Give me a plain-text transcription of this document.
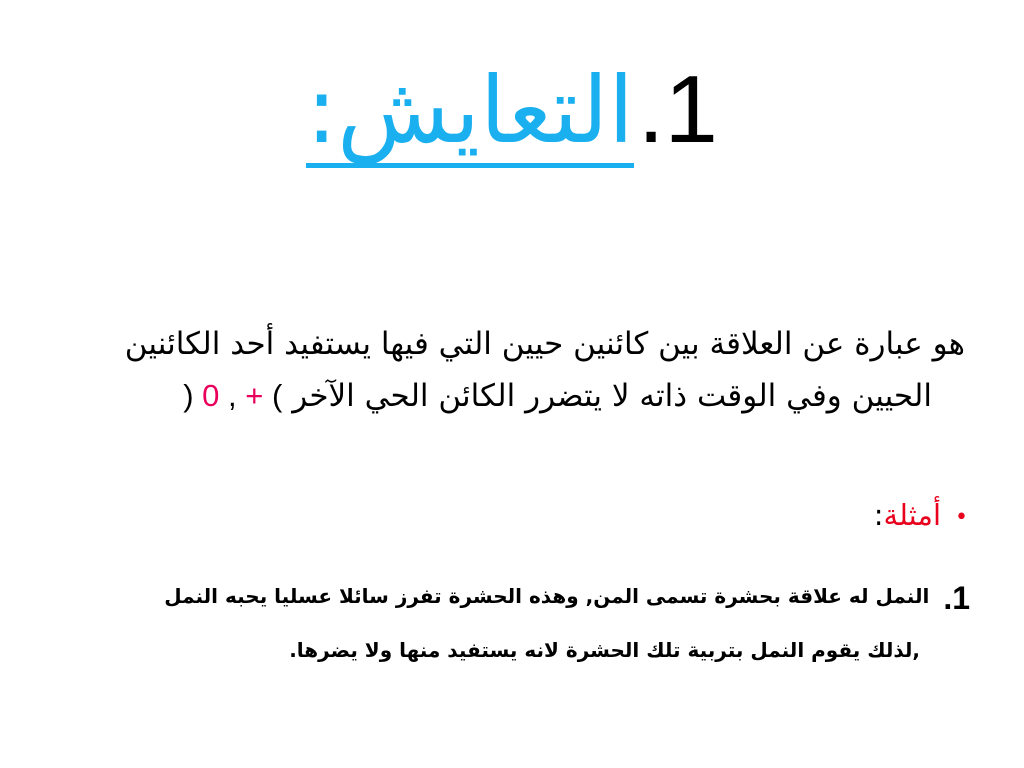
1.التعايش:
هو عبارة عن العلاقة بين كائنين حيين التي فيها يستفيد أحد الكائنين
الحيين وفي الوقت ذاته لا يتضرر الكائن الحي الآخر ) 0 , + (
•أمثلة:
1.النمل له علاقة بحشرة تسمى المن, وهذه الحشرة تفرز سائلا عسليا يحبه النمل
,لذلك يقوم النمل بتربية تلك الحشرة لانه يستفيد منها ولا يضرها.
